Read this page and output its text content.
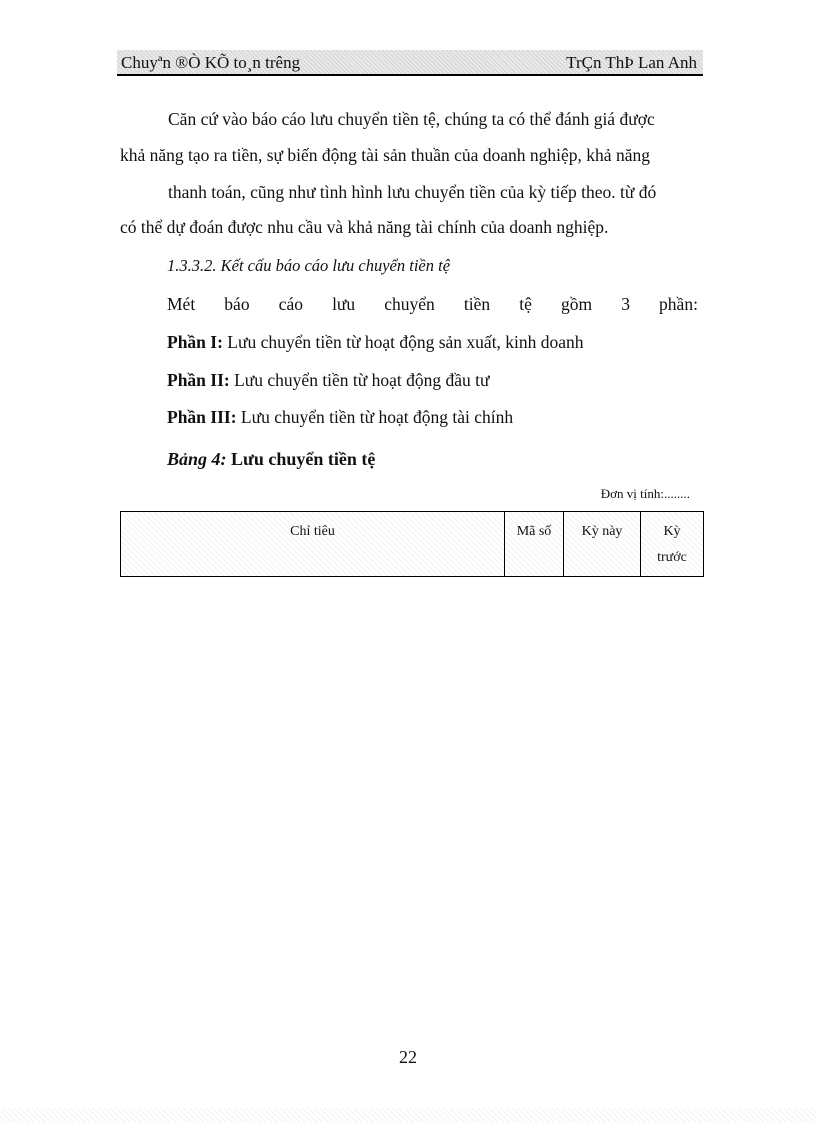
Chuyªn ®Ò KÕ to¸n trêng	TrÇn ThÞ Lan Anh
Căn cứ vào báo cáo lưu chuyển tiền tệ, chúng ta có thể đánh giá được
khả năng tạo ra tiền, sự biến động tài sản thuần của doanh nghiệp, khả năng
thanh toán, cũng như tình hình lưu chuyển tiền của kỳ tiếp theo. từ đó
có thể dự đoán được nhu cầu và khả năng tài chính của doanh nghiệp.
1.3.3.2. Kết cấu báo cáo lưu chuyển tiền tệ
Mét báo cáo lưu chuyển tiền tệ gồm 3 phần:
Phần I: Lưu chuyển tiền từ hoạt động sản xuất, kinh doanh
Phần II: Lưu chuyển tiền từ hoạt động đầu tư
Phần III: Lưu chuyển tiền từ hoạt động tài chính
Bảng 4: Lưu chuyển tiền tệ
Đơn vị tính:........
Chỉ tiêu	Mã số	Kỳ này	Kỳ
trước
22
